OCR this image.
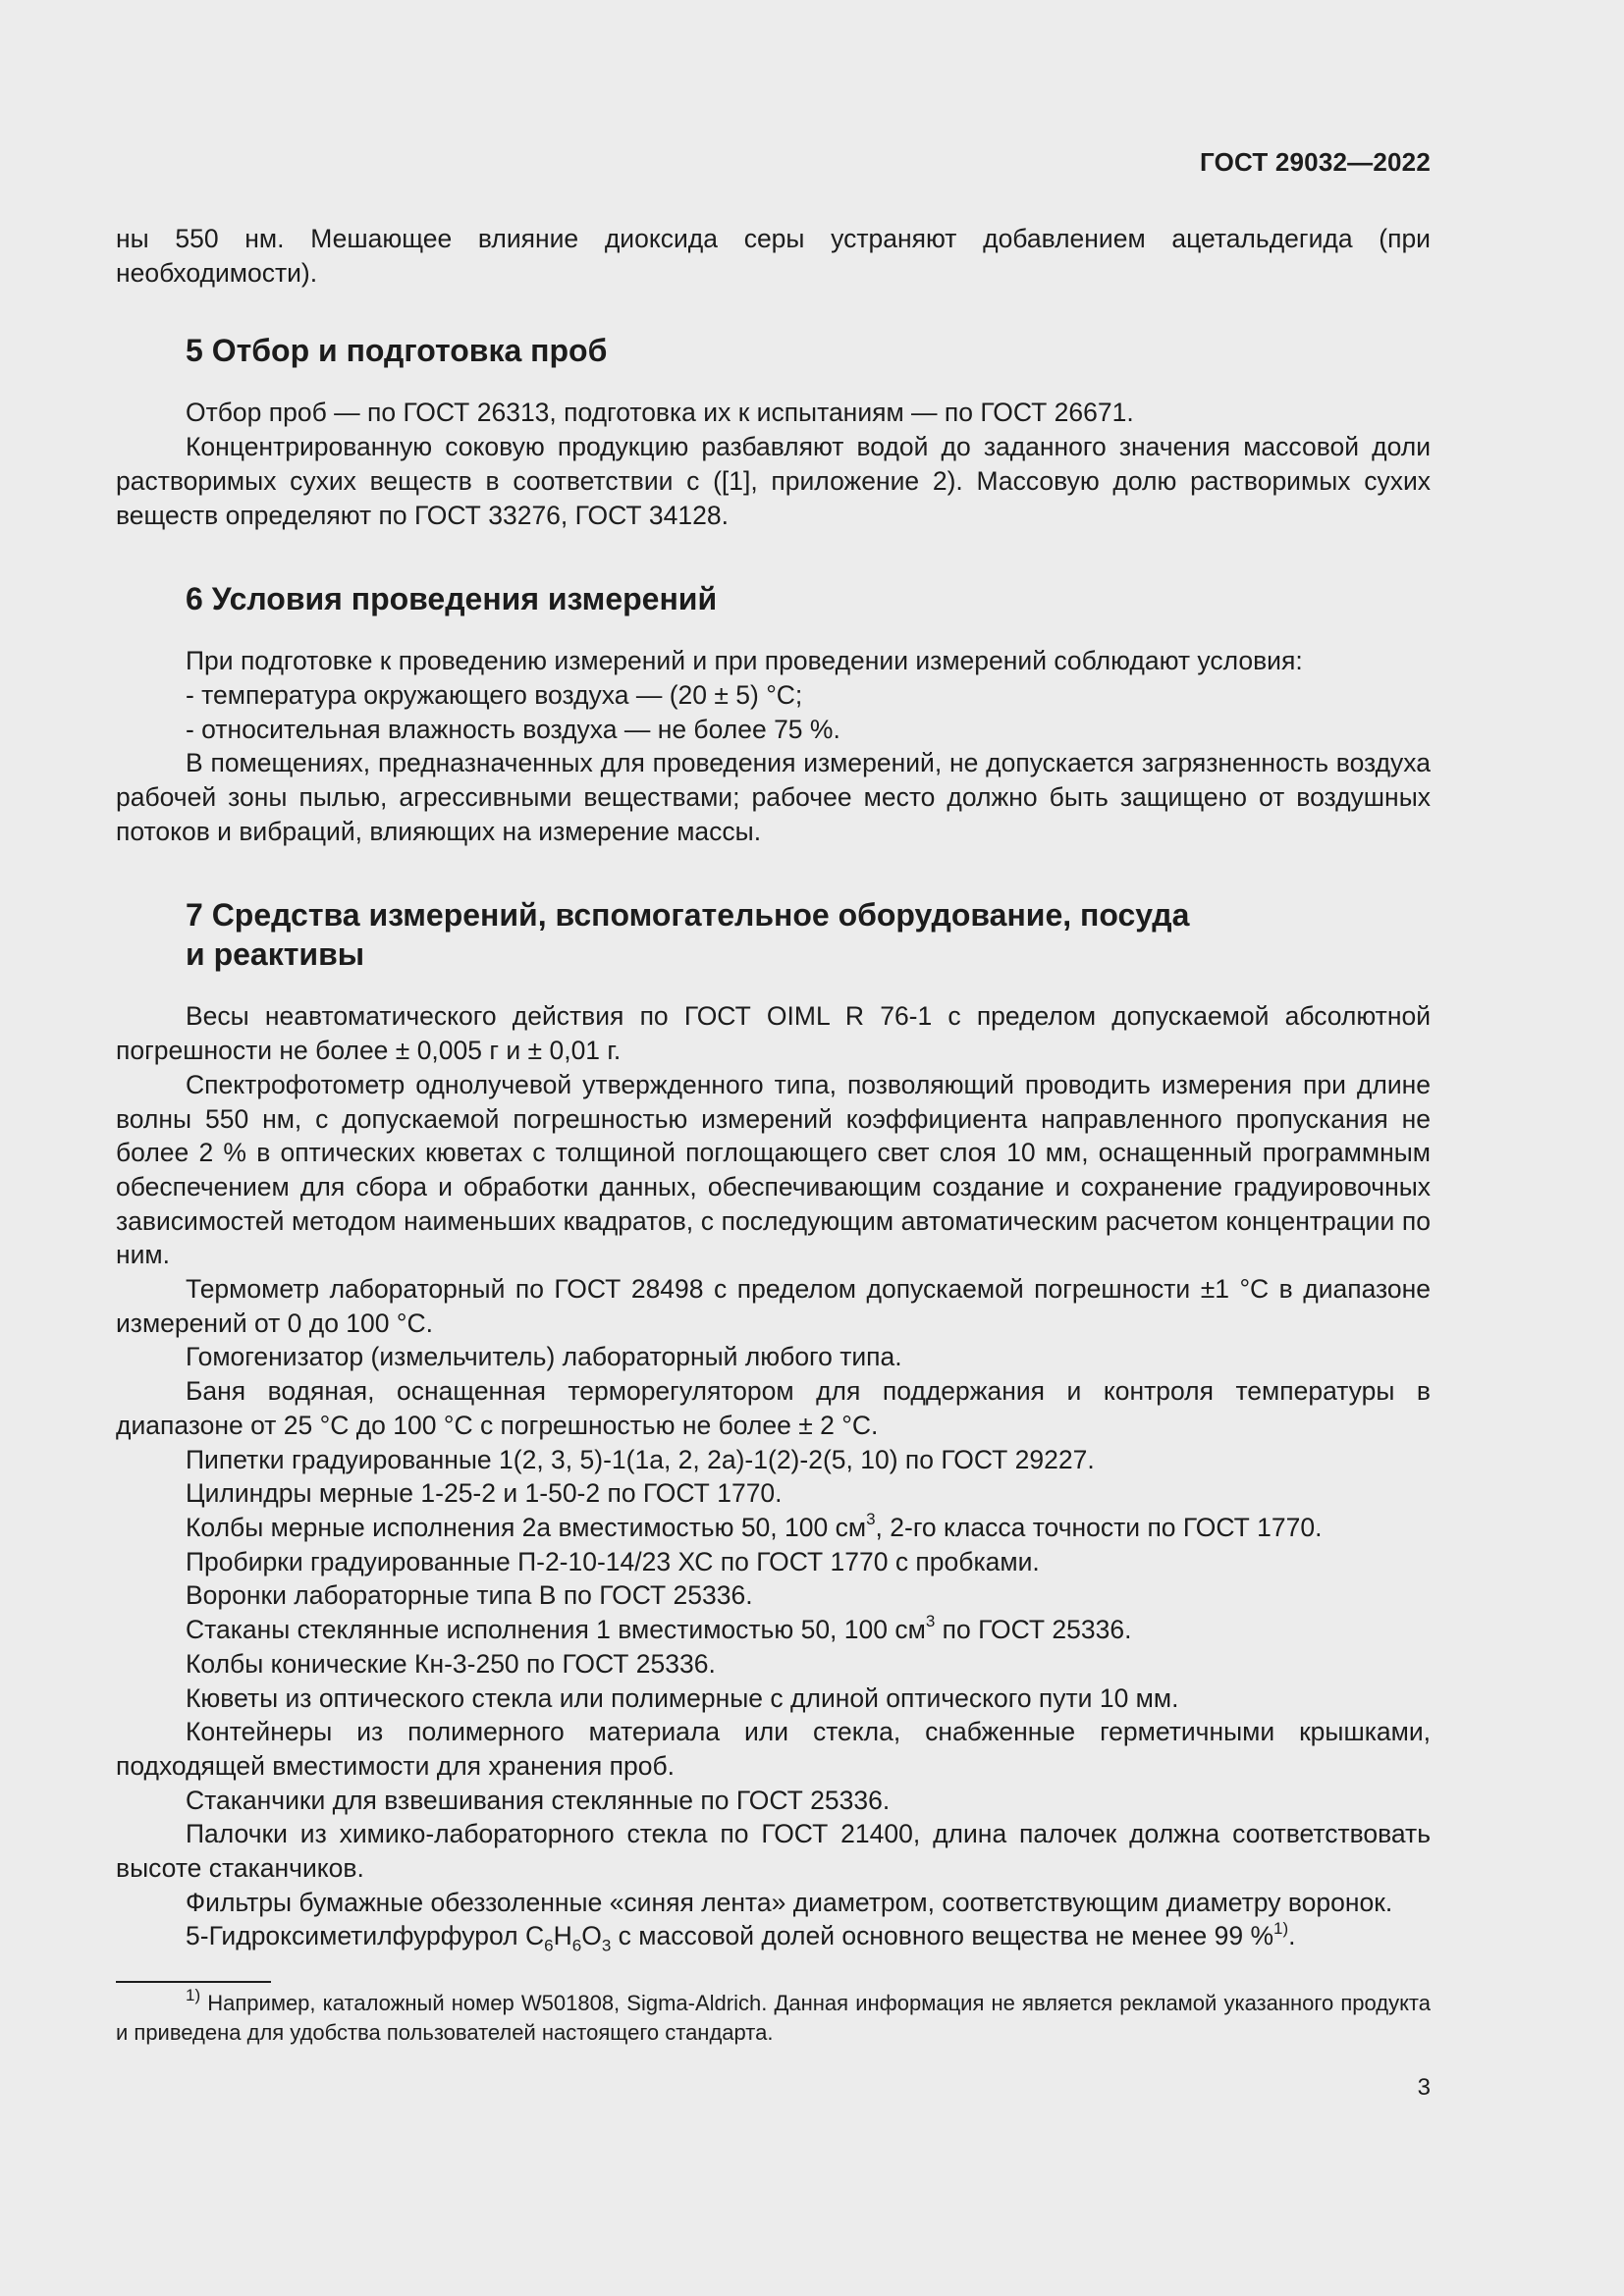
ГОСТ 29032—2022

ны 550 нм. Мешающее влияние диоксида серы устраняют добавлением ацетальдегида (при необходимости).

5 Отбор и подготовка проб

Отбор проб — по ГОСТ 26313, подготовка их к испытаниям — по ГОСТ 26671.

Концентрированную соковую продукцию разбавляют водой до заданного значения массовой доли растворимых сухих веществ в соответствии с ([1], приложение 2). Массовую долю растворимых сухих веществ определяют по ГОСТ 33276, ГОСТ 34128.

6 Условия проведения измерений

При подготовке к проведению измерений и при проведении измерений соблюдают условия:

- температура окружающего воздуха — (20 ± 5) °С;

- относительная влажность воздуха — не более 75 %.

В помещениях, предназначенных для проведения измерений, не допускается загрязненность воздуха рабочей зоны пылью, агрессивными веществами; рабочее место должно быть защищено от воздушных потоков и вибраций, влияющих на измерение массы.

7 Средства измерений, вспомогательное оборудование, посуда
и реактивы

Весы неавтоматического действия по ГОСТ OIML R 76-1 с пределом допускаемой абсолютной погрешности не более ± 0,005 г и ± 0,01 г.

Спектрофотометр однолучевой утвержденного типа, позволяющий проводить измерения при длине волны 550 нм, с допускаемой погрешностью измерений коэффициента направленного пропускания не более 2 % в оптических кюветах с толщиной поглощающего свет слоя 10 мм, оснащенный программным обеспечением для сбора и обработки данных, обеспечивающим создание и сохранение градуировочных зависимостей методом наименьших квадратов, с последующим автоматическим расчетом концентрации по ним.

Термометр лабораторный по ГОСТ 28498 с пределом допускаемой погрешности ±1 °С в диапазоне измерений от 0 до 100 °С.

Гомогенизатор (измельчитель) лабораторный любого типа.

Баня водяная, оснащенная терморегулятором для поддержания и контроля температуры в диапазоне от 25 °С до 100 °С с погрешностью не более ± 2 °С.

Пипетки градуированные 1(2, 3, 5)-1(1а, 2, 2а)-1(2)-2(5, 10) по ГОСТ 29227.

Цилиндры мерные 1-25-2 и 1-50-2 по ГОСТ 1770.

Колбы мерные исполнения 2а вместимостью 50, 100 $см^3$, 2-го класса точности по ГОСТ 1770.

Пробирки градуированные П-2-10-14/23 ХС по ГОСТ 1770 с пробками.

Воронки лабораторные типа В по ГОСТ 25336.

Стаканы стеклянные исполнения 1 вместимостью 50, 100 $см^3$ по ГОСТ 25336.

Колбы конические Кн-3-250 по ГОСТ 25336.

Кюветы из оптического стекла или полимерные с длиной оптического пути 10 мм.

Контейнеры из полимерного материала или стекла, снабженные герметичными крышками, подходящей вместимости для хранения проб.

Стаканчики для взвешивания стеклянные по ГОСТ 25336.

Палочки из химико-лабораторного стекла по ГОСТ 21400, длина палочек должна соответствовать высоте стаканчиков.

Фильтры бумажные обеззоленные «синяя лента» диаметром, соответствующим диаметру воронок.

5-Гидроксиметилфурфурол $С_6Н_6О_3$ с массовой долей основного вещества не менее 99 %$^{1)}$.

$^{1)}$ Например, каталожный номер W501808, Sigma-Aldrich. Данная информация не является рекламой указанного продукта и приведена для удобства пользователей настоящего стандарта.

3
